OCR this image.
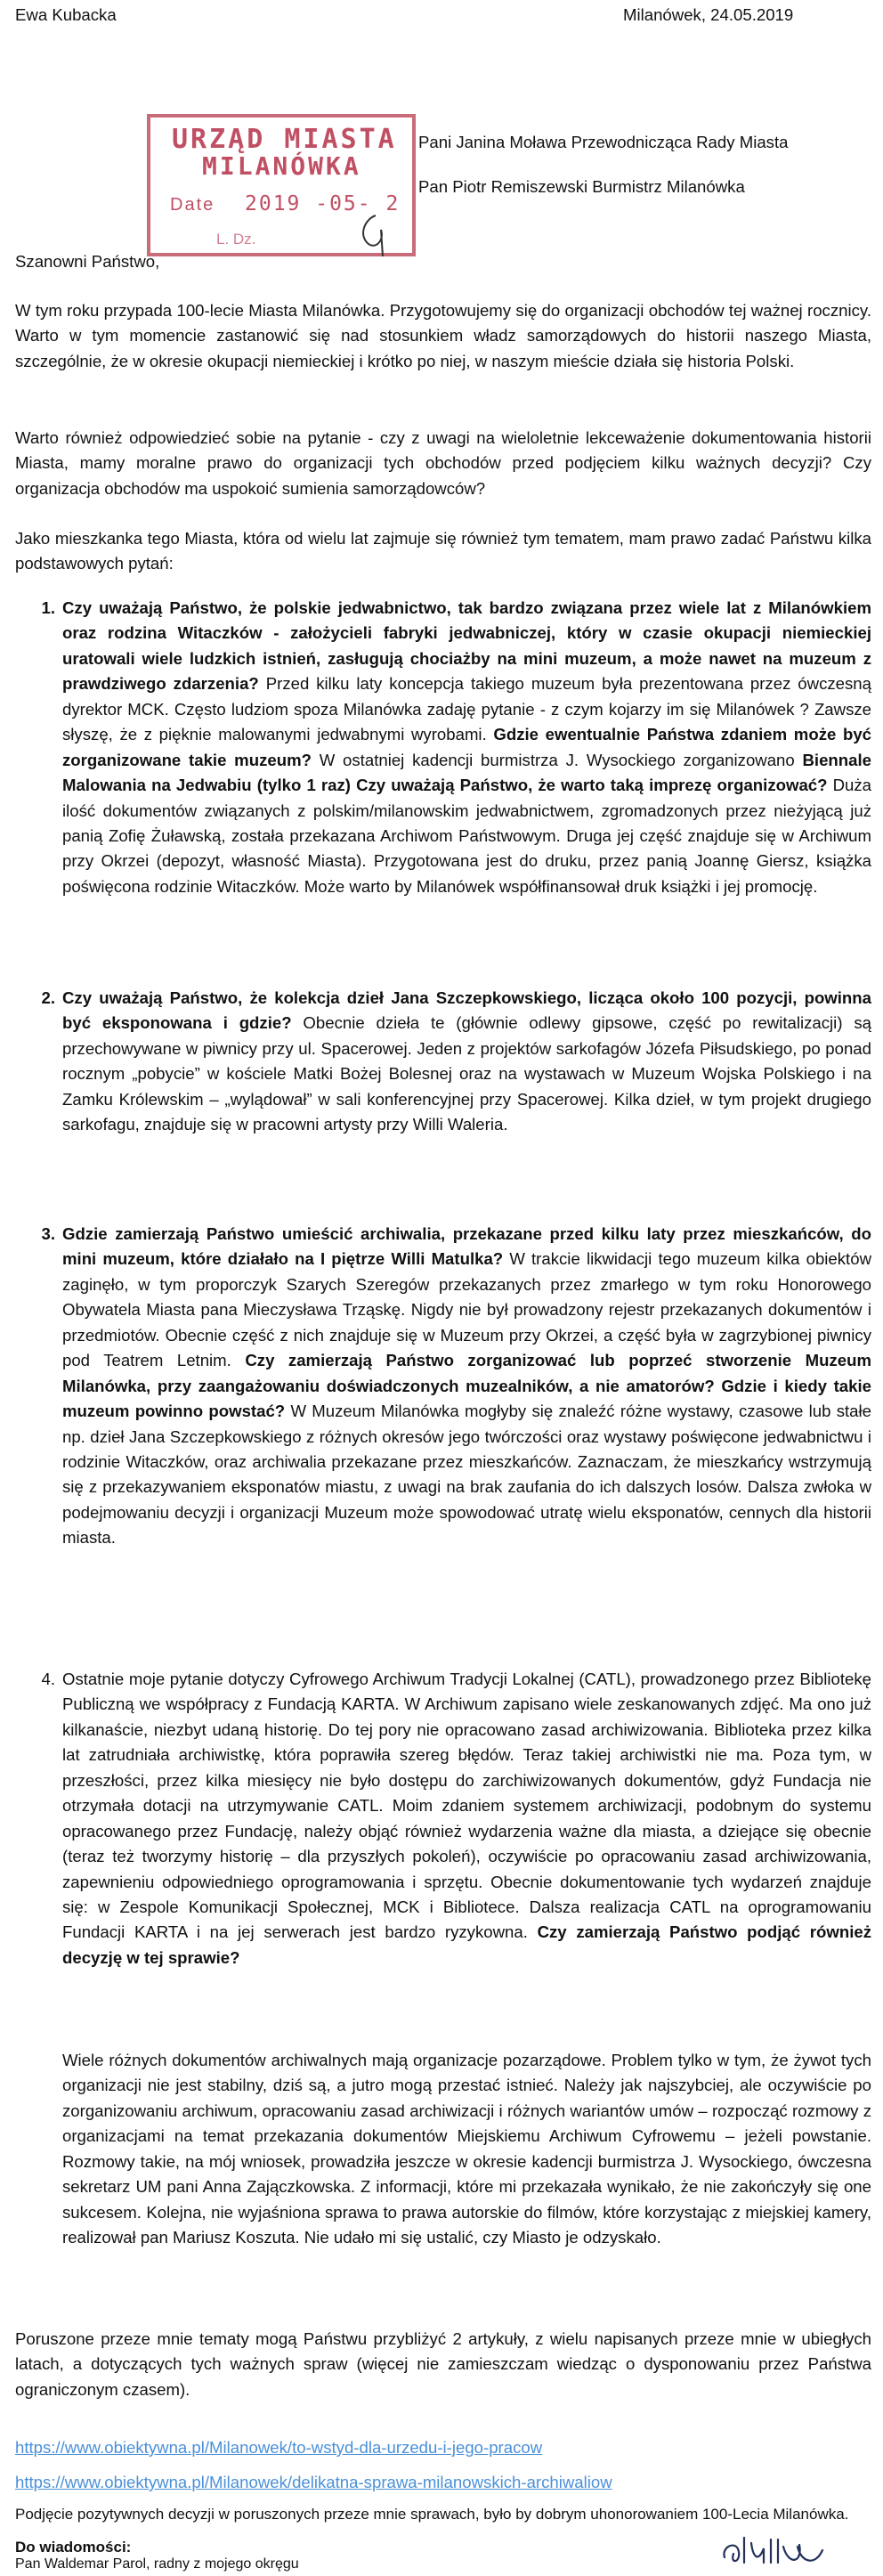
Ewa Kubacka	Milanówek, 24.05.2019
URZĄD MIASTA
MILANÓWKA
Date 2019 -05- 2
L. Dz.
Pani Janina Moława Przewodnicząca Rady Miasta
Pan Piotr Remiszewski Burmistrz Milanówka
Szanowni Państwo,

W tym roku przypada 100-lecie Miasta Milanówka. Przygotowujemy się do organizacji obchodów tej ważnej rocznicy. Warto w tym momencie zastanowić się nad stosunkiem władz samorządowych do historii naszego Miasta, szczególnie, że w okresie okupacji niemieckiej i krótko po niej, w naszym mieście działa się historia Polski.

Warto również odpowiedzieć sobie na pytanie - czy z uwagi na wieloletnie lekceważenie dokumentowania historii Miasta, mamy moralne prawo do organizacji tych obchodów przed podjęciem kilku ważnych decyzji? Czy organizacja obchodów ma uspokoić sumienia samorządowców?

Jako mieszkanka tego Miasta, która od wielu lat zajmuje się również tym tematem, mam prawo zadać Państwu kilka podstawowych pytań:

1. Czy uważają Państwo, że polskie jedwabnictwo, tak bardzo związana przez wiele lat z Milanówkiem oraz rodzina Witaczków - założycieli fabryki jedwabniczej, który w czasie okupacji niemieckiej uratowali wiele ludzkich istnień, zasługują chociażby na mini muzeum, a może nawet na muzeum z prawdziwego zdarzenia? Przed kilku laty koncepcja takiego muzeum była prezentowana przez ówczesną dyrektor MCK. Często ludziom spoza Milanówka zadaję pytanie - z czym kojarzy im się Milanówek ? Zawsze słyszę, że z pięknie malowanymi jedwabnymi wyrobami. Gdzie ewentualnie Państwa zdaniem może być zorganizowane takie muzeum? W ostatniej kadencji burmistrza J. Wysockiego zorganizowano Biennale Malowania na Jedwabiu (tylko 1 raz) Czy uważają Państwo, że warto taką imprezę organizować? Duża ilość dokumentów związanych z polskim/milanowskim jedwabnictwem, zgromadzonych przez nieżyjącą już panią Zofię Żuławską, została przekazana Archiwom Państwowym. Druga jej część znajduje się w Archiwum przy Okrzei (depozyt, własność Miasta). Przygotowana jest do druku, przez panią Joannę Giersz, książka poświęcona rodzinie Witaczków. Może warto by Milanówek współfinansował druk książki i jej promocję.

2. Czy uważają Państwo, że kolekcja dzieł Jana Szczepkowskiego, licząca około 100 pozycji, powinna być eksponowana i gdzie? Obecnie dzieła te (głównie odlewy gipsowe, część po rewitalizacji) są przechowywane w piwnicy przy ul. Spacerowej. Jeden z projektów sarkofagów Józefa Piłsudskiego, po ponad rocznym „pobycie” w kościele Matki Bożej Bolesnej oraz na wystawach w Muzeum Wojska Polskiego i na Zamku Królewskim – „wylądował” w sali konferencyjnej przy Spacerowej. Kilka dzieł, w tym projekt drugiego sarkofagu, znajduje się w pracowni artysty przy Willi Waleria.

3. Gdzie zamierzają Państwo umieścić archiwalia, przekazane przed kilku laty przez mieszkańców, do mini muzeum, które działało na I piętrze Willi Matulka? W trakcie likwidacji tego muzeum kilka obiektów zaginęło, w tym proporczyk Szarych Szeregów przekazanych przez zmarłego w tym roku Honorowego Obywatela Miasta pana Mieczysława Trząskę. Nigdy nie był prowadzony rejestr przekazanych dokumentów i przedmiotów. Obecnie część z nich znajduje się w Muzeum przy Okrzei, a część była w zagrzybionej piwnicy pod Teatrem Letnim. Czy zamierzają Państwo zorganizować lub poprzeć stworzenie Muzeum Milanówka, przy zaangażowaniu doświadczonych muzealników, a nie amatorów? Gdzie i kiedy takie muzeum powinno powstać? W Muzeum Milanówka mogłyby się znaleźć różne wystawy, czasowe lub stałe np. dzieł Jana Szczepkowskiego z różnych okresów jego twórczości oraz wystawy poświęcone jedwabnictwu i rodzinie Witaczków, oraz archiwalia przekazane przez mieszkańców. Zaznaczam, że mieszkańcy wstrzymują się z przekazywaniem eksponatów miastu, z uwagi na brak zaufania do ich dalszych losów. Dalsza zwłoka w podejmowaniu decyzji i organizacji Muzeum może spowodować utratę wielu eksponatów, cennych dla historii miasta.

4. Ostatnie moje pytanie dotyczy Cyfrowego Archiwum Tradycji Lokalnej (CATL), prowadzonego przez Bibliotekę Publiczną we współpracy z Fundacją KARTA. W Archiwum zapisano wiele zeskanowanych zdjęć. Ma ono już kilkanaście, niezbyt udaną historię. Do tej pory nie opracowano zasad archiwizowania. Biblioteka przez kilka lat zatrudniała archiwistkę, która poprawiła szereg błędów. Teraz takiej archiwistki nie ma. Poza tym, w przeszłości, przez kilka miesięcy nie było dostępu do zarchiwizowanych dokumentów, gdyż Fundacja nie otrzymała dotacji na utrzymywanie CATL. Moim zdaniem systemem archiwizacji, podobnym do systemu opracowanego przez Fundację, należy objąć również wydarzenia ważne dla miasta, a dziejące się obecnie (teraz też tworzymy historię – dla przyszłych pokoleń), oczywiście po opracowaniu zasad archiwizowania, zapewnieniu odpowiedniego oprogramowania i sprzętu. Obecnie dokumentowanie tych wydarzeń znajduje się: w Zespole Komunikacji Społecznej, MCK i Bibliotece. Dalsza realizacja CATL na oprogramowaniu Fundacji KARTA i na jej serwerach jest bardzo ryzykowna. Czy zamierzają Państwo podjąć również decyzję w tej sprawie?

Wiele różnych dokumentów archiwalnych mają organizacje pozarządowe. Problem tylko w tym, że żywot tych organizacji nie jest stabilny, dziś są, a jutro mogą przestać istnieć. Należy jak najszybciej, ale oczywiście po zorganizowaniu archiwum, opracowaniu zasad archiwizacji i różnych wariantów umów – rozpocząć rozmowy z organizacjami na temat przekazania dokumentów Miejskiemu Archiwum Cyfrowemu – jeżeli powstanie. Rozmowy takie, na mój wniosek, prowadziła jeszcze w okresie kadencji burmistrza J. Wysockiego, ówczesna sekretarz UM pani Anna Zajączkowska. Z informacji, które mi przekazała wynikało, że nie zakończyły się one sukcesem. Kolejna, nie wyjaśniona sprawa to prawa autorskie do filmów, które korzystając z miejskiej kamery, realizował pan Mariusz Koszuta. Nie udało mi się ustalić, czy Miasto je odzyskało.

Poruszone przeze mnie tematy mogą Państwu przybliżyć 2 artykuły, z wielu napisanych przeze mnie w ubiegłych latach, a dotyczących tych ważnych spraw (więcej nie zamieszczam wiedząc o dysponowaniu przez Państwa ograniczonym czasem).

https://www.obiektywna.pl/Milanowek/to-wstyd-dla-urzedu-i-jego-pracow
https://www.obiektywna.pl/Milanowek/delikatna-sprawa-milanowskich-archiwaliow

Podjęcie pozytywnych decyzji w poruszonych przeze mnie sprawach, było by dobrym uhonorowaniem 100-Lecia Milanówka.

Do wiadomości:
Pan Waldemar Parol, radny z mojego okręgu
